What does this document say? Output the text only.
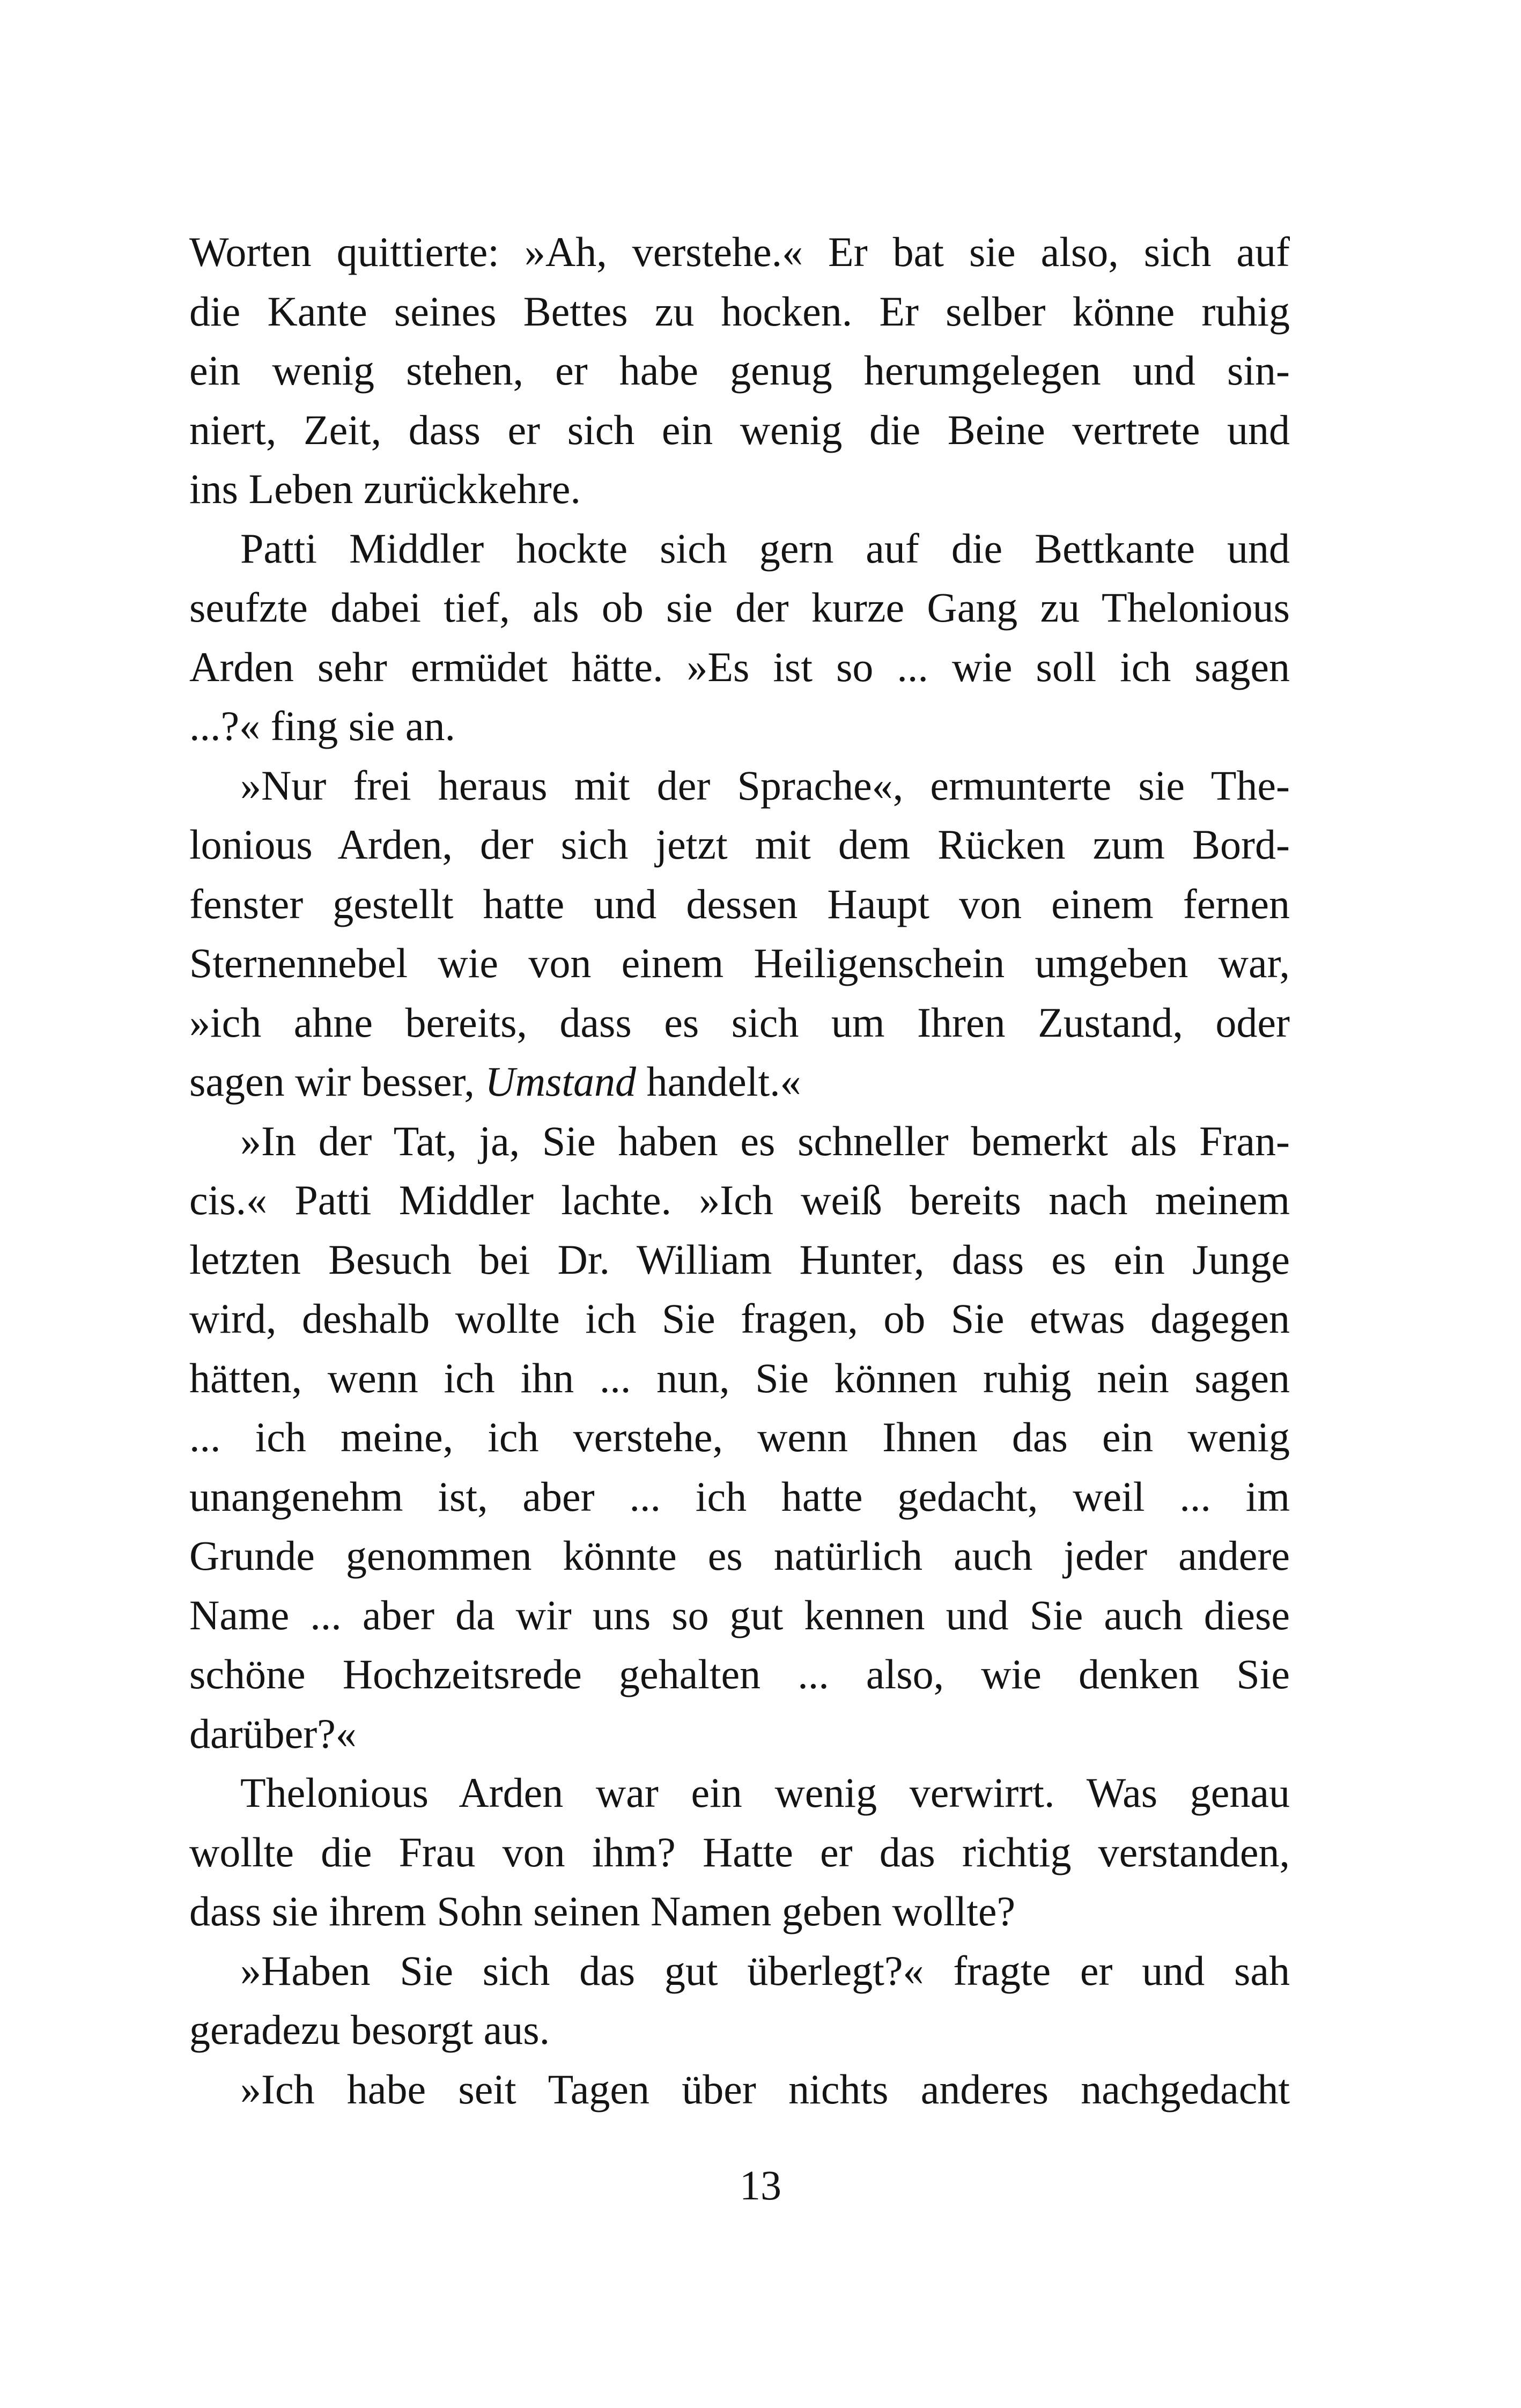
Worten quittierte: »Ah, verstehe.« Er bat sie also, sich auf
die Kante seines Bettes zu hocken. Er selber könne ruhig
ein wenig stehen, er habe genug herumgelegen und sin-
niert, Zeit, dass er sich ein wenig die Beine vertrete und
ins Leben zurückkehre.
Patti Middler hockte sich gern auf die Bettkante und
seufzte dabei tief, als ob sie der kurze Gang zu Thelonious
Arden sehr ermüdet hätte. »Es ist so ... wie soll ich sagen
...?« fing sie an.
»Nur frei heraus mit der Sprache«, ermunterte sie The-
lonious Arden, der sich jetzt mit dem Rücken zum Bord-
fenster gestellt hatte und dessen Haupt von einem fernen
Sternennebel wie von einem Heiligenschein umgeben war,
»ich ahne bereits, dass es sich um Ihren Zustand, oder
sagen wir besser, Umstand handelt.«
»In der Tat, ja, Sie haben es schneller bemerkt als Fran-
cis.« Patti Middler lachte. »Ich weiß bereits nach meinem
letzten Besuch bei Dr. William Hunter, dass es ein Junge
wird, deshalb wollte ich Sie fragen, ob Sie etwas dagegen
hätten, wenn ich ihn ... nun, Sie können ruhig nein sagen
... ich meine, ich verstehe, wenn Ihnen das ein wenig
unangenehm ist, aber ... ich hatte gedacht, weil ... im
Grunde genommen könnte es natürlich auch jeder andere
Name ... aber da wir uns so gut kennen und Sie auch diese
schöne Hochzeitsrede gehalten ... also, wie denken Sie
darüber?«
Thelonious Arden war ein wenig verwirrt. Was genau
wollte die Frau von ihm? Hatte er das richtig verstanden,
dass sie ihrem Sohn seinen Namen geben wollte?
»Haben Sie sich das gut überlegt?« fragte er und sah
geradezu besorgt aus.
»Ich habe seit Tagen über nichts anderes nachgedacht
13
